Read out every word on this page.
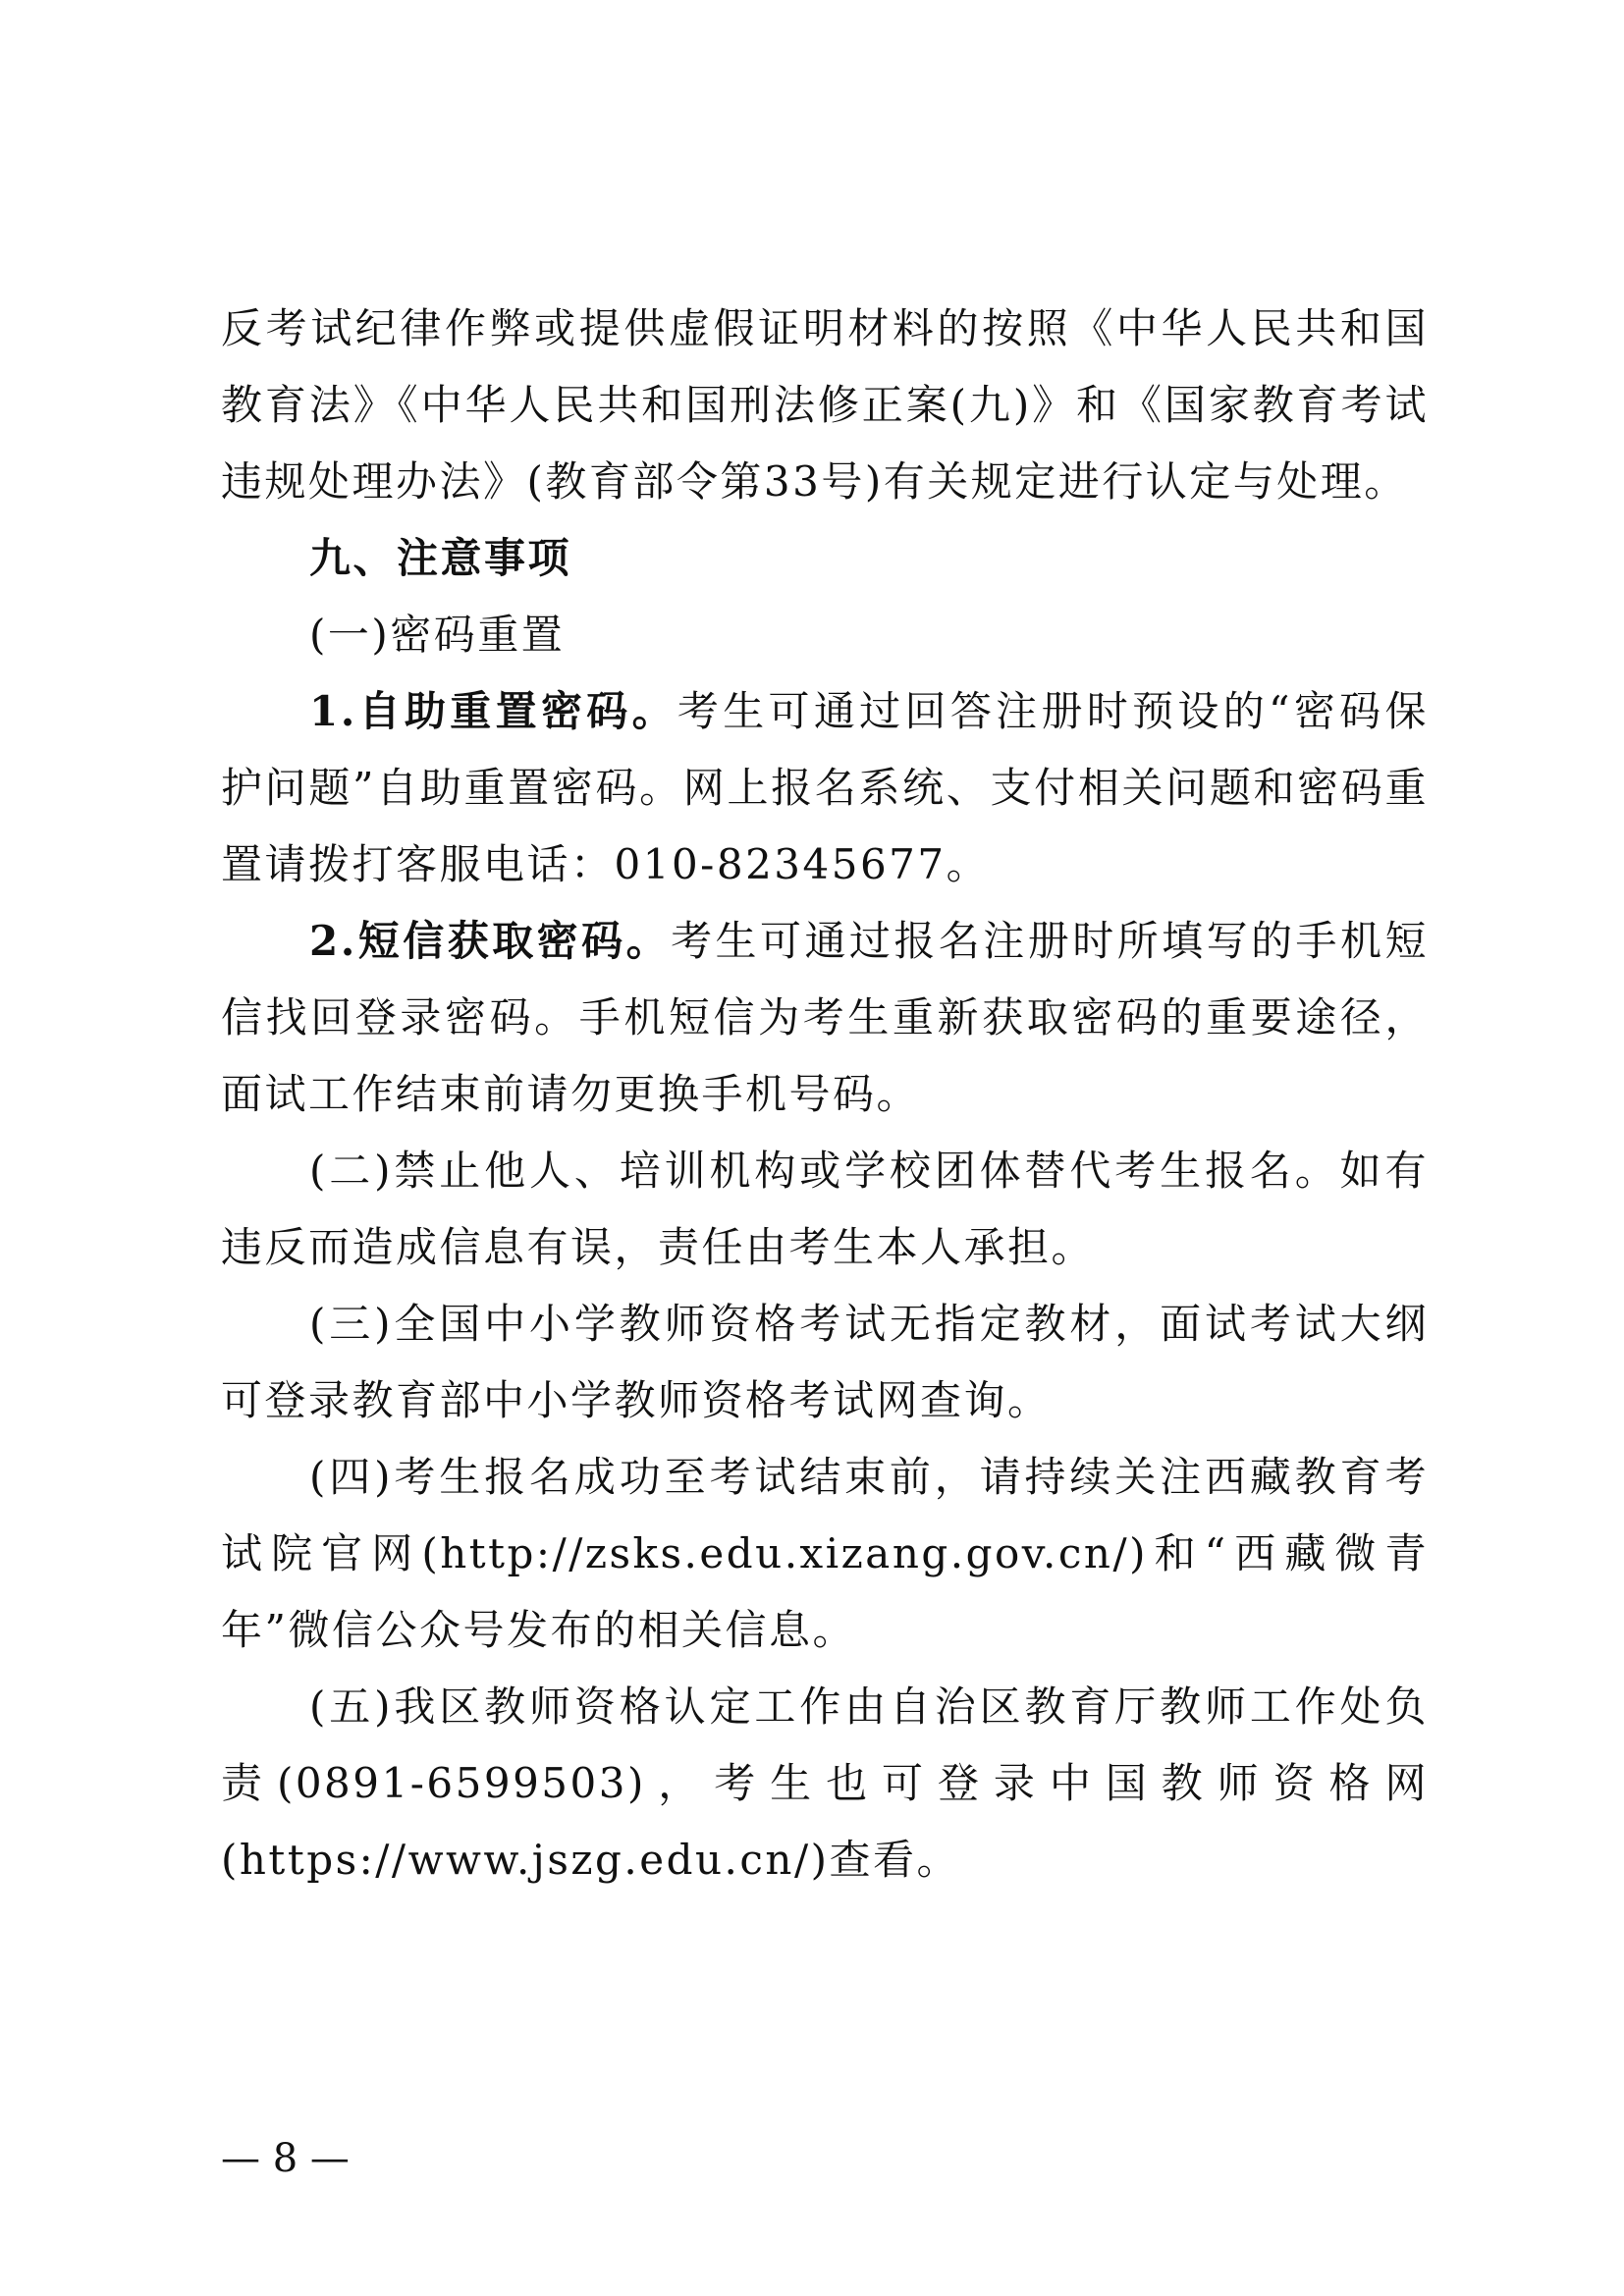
反考试纪律作弊或提供虚假证明材料的按照《中华人民共和国教育法》《中华人民共和国刑法修正案(九)》和《国家教育考试违规处理办法》(教育部令第33号)有关规定进行认定与处理。

九、注意事项

(一)密码重置

1.自助重置密码。考生可通过回答注册时预设的“密码保护问题”自助重置密码。网上报名系统、支付相关问题和密码重置请拨打客服电话：010-82345677。

2.短信获取密码。考生可通过报名注册时所填写的手机短信找回登录密码。手机短信为考生重新获取密码的重要途径，面试工作结束前请勿更换手机号码。

(二)禁止他人、培训机构或学校团体替代考生报名。如有违反而造成信息有误，责任由考生本人承担。

(三)全国中小学教师资格考试无指定教材，面试考试大纲可登录教育部中小学教师资格考试网查询。

(四)考生报名成功至考试结束前，请持续关注西藏教育考试院官网(http://zsks.edu.xizang.gov.cn/)和“西藏微青年”微信公众号发布的相关信息。

(五)我区教师资格认定工作由自治区教育厅教师工作处负责(0891-6599503)，考生也可登录中国教师资格网(https://www.jszg.edu.cn/)查看。

— 8 —
